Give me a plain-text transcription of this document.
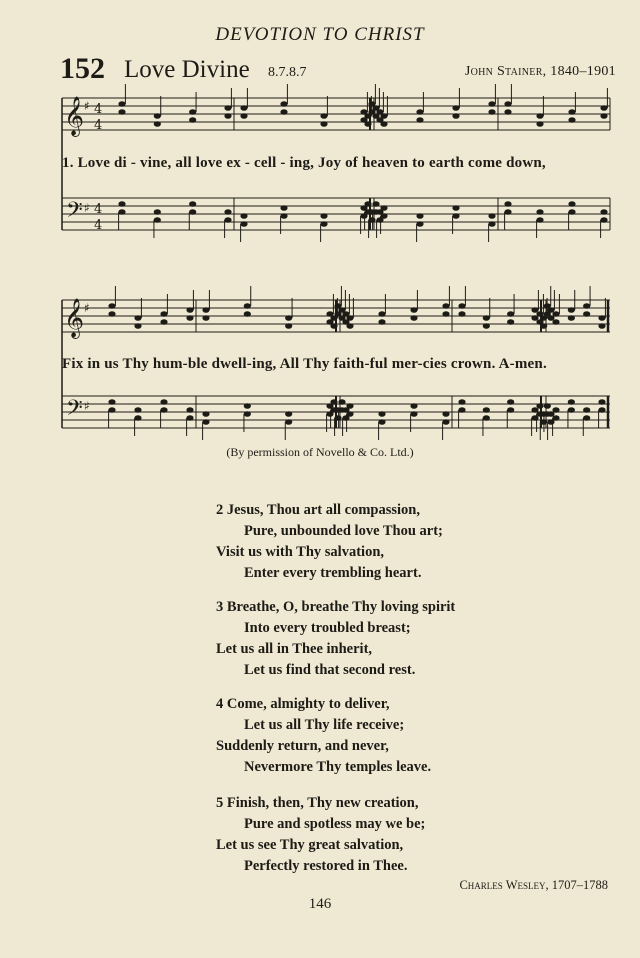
DEVOTION TO CHRIST
152 Love Divine 8.7.8.7	John Stainer, 1840–1901
𝄞
𝄢
♯
♯
4
4
4
4
𝄞
𝄢
♯
♯
1. Love di - vine, all love ex - cell - ing, Joy of heaven to earth come down,
Fix in us Thy hum-ble dwell-ing, All Thy faith-ful mer-cies crown. A-men.
(By permission of Novello & Co. Ltd.)
2 Jesus, Thou art all compassion,
Pure, unbounded love Thou art;
Visit us with Thy salvation,
Enter every trembling heart.
3 Breathe, O, breathe Thy loving spirit
Into every troubled breast;
Let us all in Thee inherit,
Let us find that second rest.
4 Come, almighty to deliver,
Let us all Thy life receive;
Suddenly return, and never,
Nevermore Thy temples leave.
5 Finish, then, Thy new creation,
Pure and spotless may we be;
Let us see Thy great salvation,
Perfectly restored in Thee.
Charles Wesley, 1707–1788
146
